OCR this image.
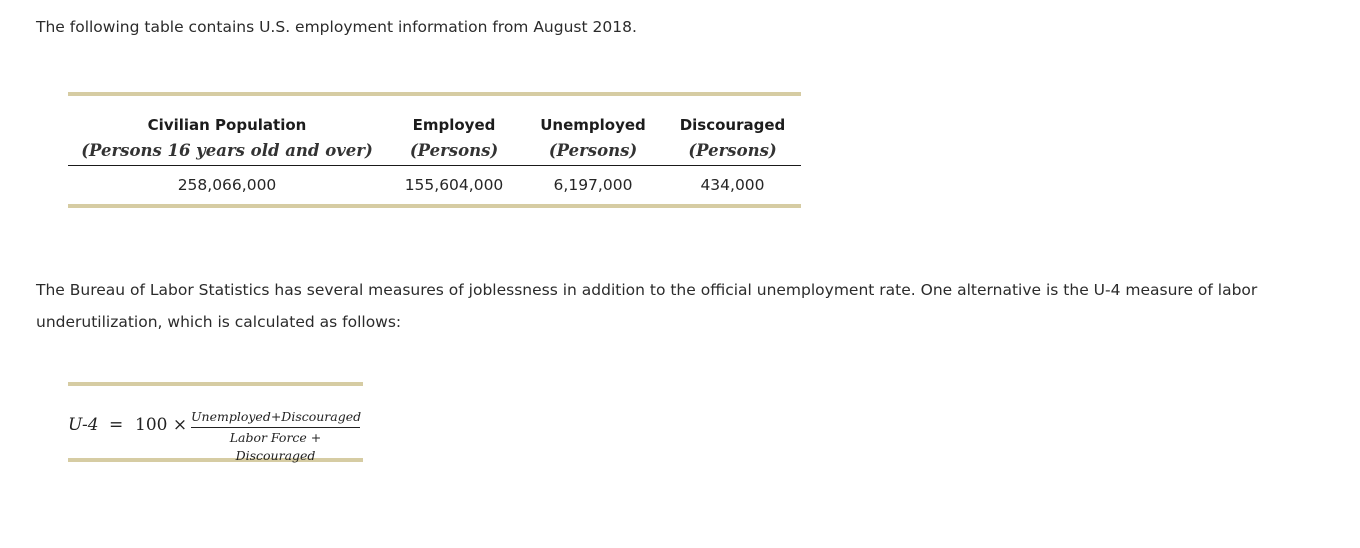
The following table contains U.S. employment information from August 2018.

Civilian Population	Employed	Unemployed	Discouraged
(Persons 16 years old and over)	(Persons)	(Persons)	(Persons)
258,066,000	155,604,000	6,197,000	434,000

The Bureau of Labor Statistics has several measures of joblessness in addition to the official unemployment rate. One alternative is the U-4 measure of labor underutilization, which is calculated as follows:

U-4 = 100 × Unemployed+Discouraged
Labor Force + Discouraged
